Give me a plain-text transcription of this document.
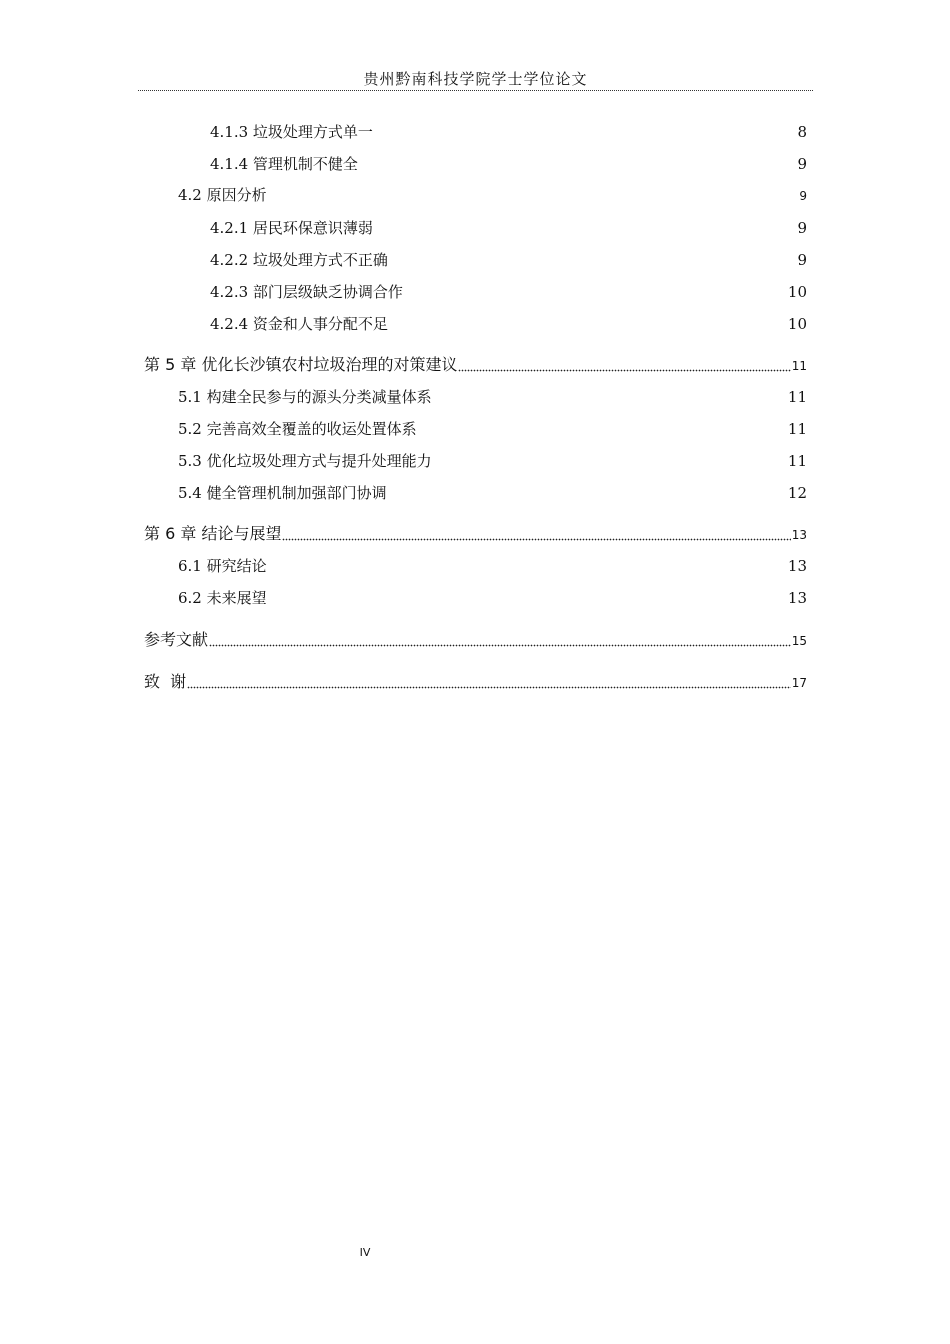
贵州黔南科技学院学士学位论文
4.1.3 垃圾处理方式单一	8
4.1.4 管理机制不健全	9
4.2 原因分析	9
4.2.1 居民环保意识薄弱	9
4.2.2 垃圾处理方式不正确	9
4.2.3 部门层级缺乏协调合作	10
4.2.4 资金和人事分配不足	10
第 5 章 优化长沙镇农村垃圾治理的对策建议	11
5.1 构建全民参与的源头分类减量体系	11
5.2 完善高效全覆盖的收运处置体系	11
5.3 优化垃圾处理方式与提升处理能力	11
5.4 健全管理机制加强部门协调	12
第 6 章 结论与展望	13
6.1 研究结论	13
6.2 未来展望	13
参考文献	15
致  谢	17
IV
